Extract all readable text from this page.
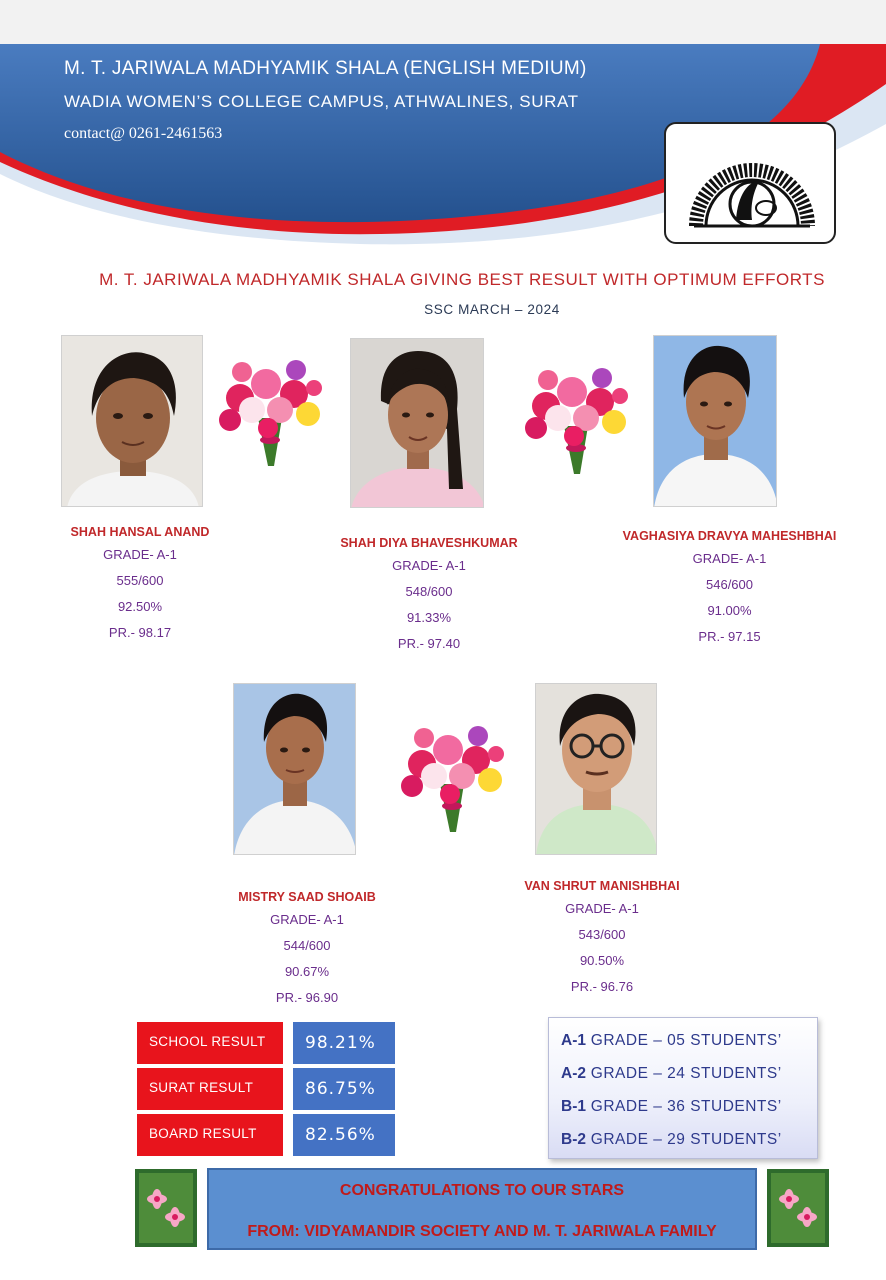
M. T. JARIWALA MADHYAMIK SHALA (ENGLISH MEDIUM)
WADIA WOMEN’S COLLEGE CAMPUS, ATHWALINES, SURAT
contact@ 0261-2461563
M. T. JARIWALA MADHYAMIK SHALA GIVING BEST RESULT WITH OPTIMUM EFFORTS
SSC MARCH – 2024
SHAH HANSAL ANAND
GRADE- A-1
555/600
92.50%
PR.- 98.17
SHAH DIYA BHAVESHKUMAR
GRADE- A-1
548/600
91.33%
PR.- 97.40
VAGHASIYA DRAVYA MAHESHBHAI
GRADE- A-1
546/600
91.00%
PR.- 97.15
MISTRY SAAD SHOAIB
GRADE- A-1
544/600
90.67%
PR.- 96.90
VAN SHRUT MANISHBHAI
GRADE- A-1
543/600
90.50%
PR.- 96.76
SCHOOL RESULT	98.21%
SURAT RESULT	86.75%
BOARD RESULT	82.56%
A-1 GRADE – 05 STUDENTS’
A-2 GRADE – 24 STUDENTS’
B-1 GRADE – 36 STUDENTS’
B-2 GRADE – 29 STUDENTS’
CONGRATULATIONS TO OUR STARS
FROM: VIDYAMANDIR SOCIETY AND M. T. JARIWALA FAMILY
